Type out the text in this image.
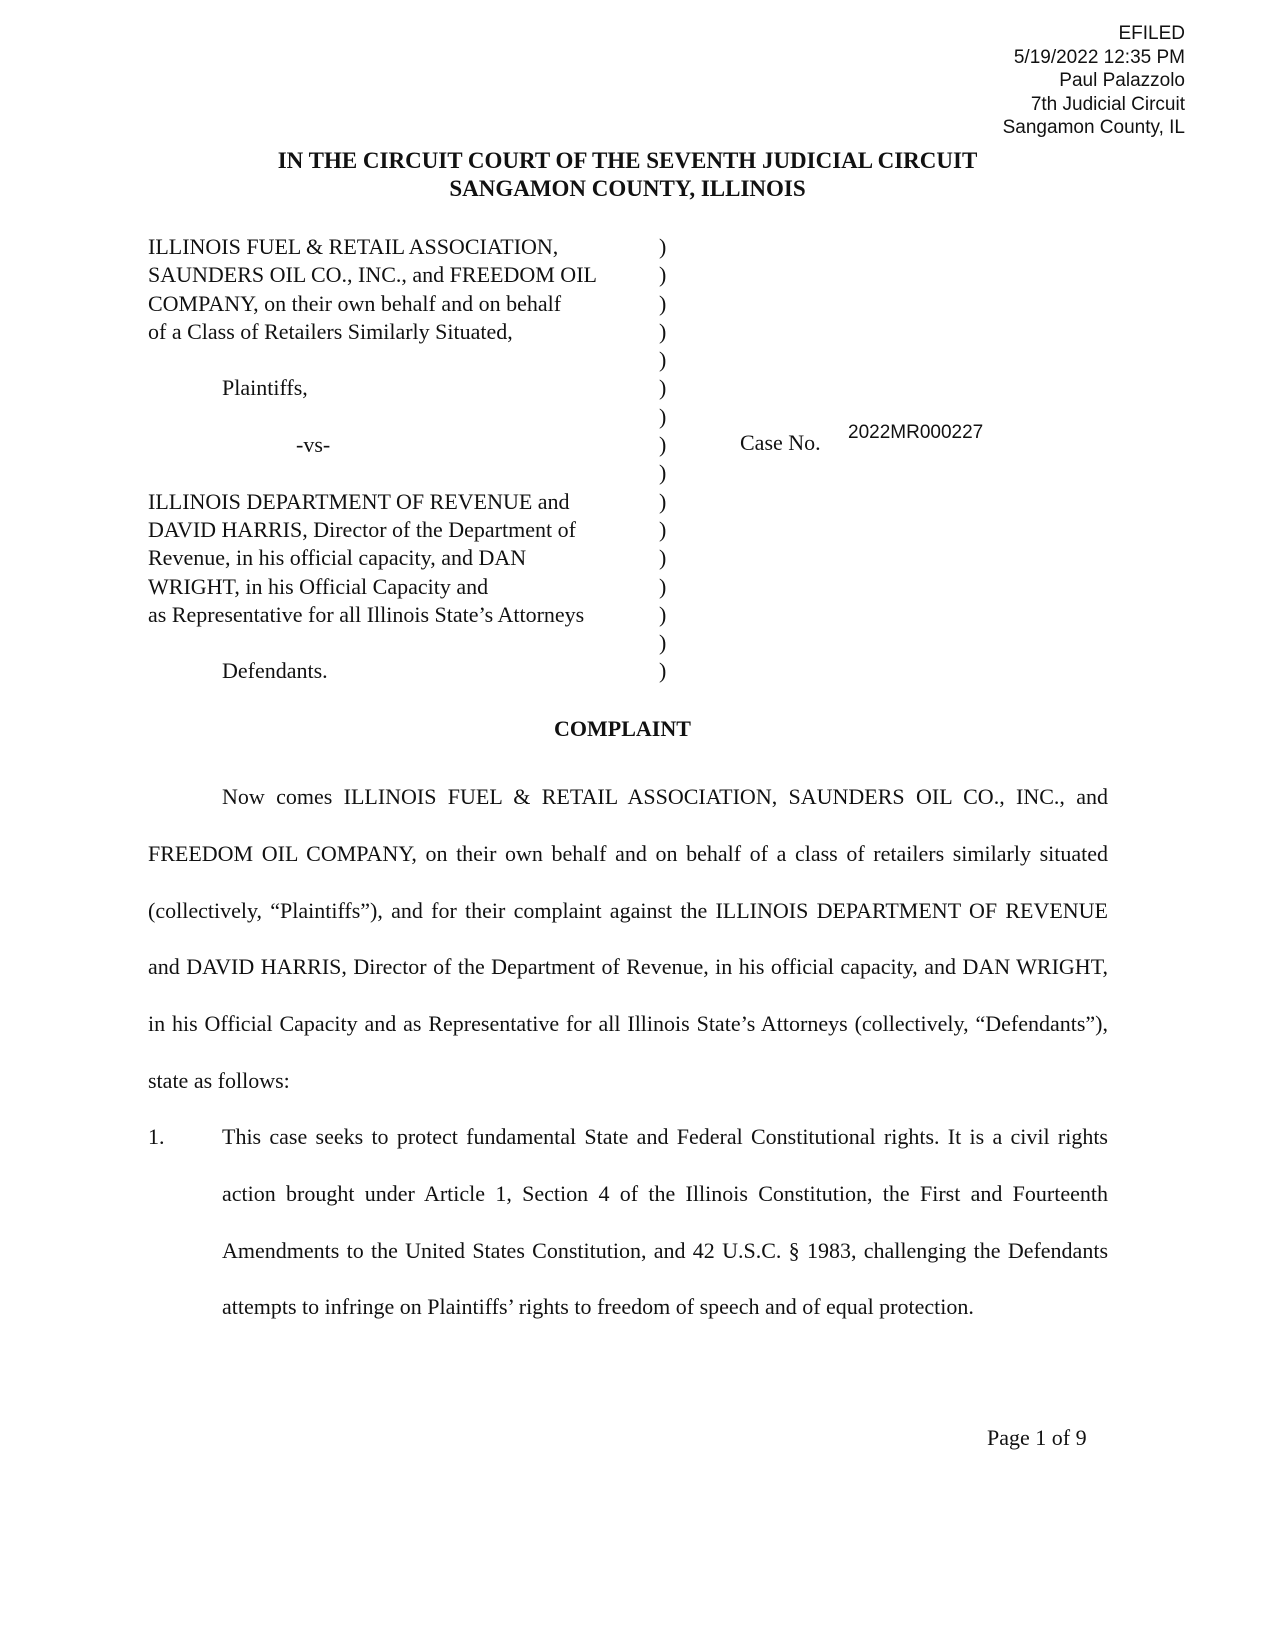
EFILED
5/19/2022 12:35 PM
Paul Palazzolo
7th Judicial Circuit
Sangamon County, IL
IN THE CIRCUIT COURT OF THE SEVENTH JUDICIAL CIRCUIT
SANGAMON COUNTY, ILLINOIS
ILLINOIS FUEL & RETAIL ASSOCIATION,
SAUNDERS OIL CO., INC., and FREEDOM OIL
COMPANY, on their own behalf and on behalf
of a Class of Retailers Similarly Situated,
Plaintiffs,
-vs-
ILLINOIS DEPARTMENT OF REVENUE and
DAVID HARRIS, Director of the Department of
Revenue, in his official capacity, and DAN
WRIGHT, in his Official Capacity and
as Representative for all Illinois State’s Attorneys
Defendants.
)
)
)
)
)
)
)
)
)
)
)
)
)
)
)
)
Case No. 2022MR000227
COMPLAINT

Now comes ILLINOIS FUEL & RETAIL ASSOCIATION, SAUNDERS OIL CO., INC., and FREEDOM OIL COMPANY, on their own behalf and on behalf of a class of retailers similarly situated (collectively, “Plaintiffs”), and for their complaint against the ILLINOIS DEPARTMENT OF REVENUE and DAVID HARRIS, Director of the Department of Revenue, in his official capacity, and DAN WRIGHT, in his Official Capacity and as Representative for all Illinois State’s Attorneys (collectively, “Defendants”), state as follows:

1.	This case seeks to protect fundamental State and Federal Constitutional rights. It is a civil rights action brought under Article 1, Section 4 of the Illinois Constitution, the First and Fourteenth Amendments to the United States Constitution, and 42 U.S.C. § 1983, challenging the Defendants attempts to infringe on Plaintiffs’ rights to freedom of speech and of equal protection.
Page 1 of 9
